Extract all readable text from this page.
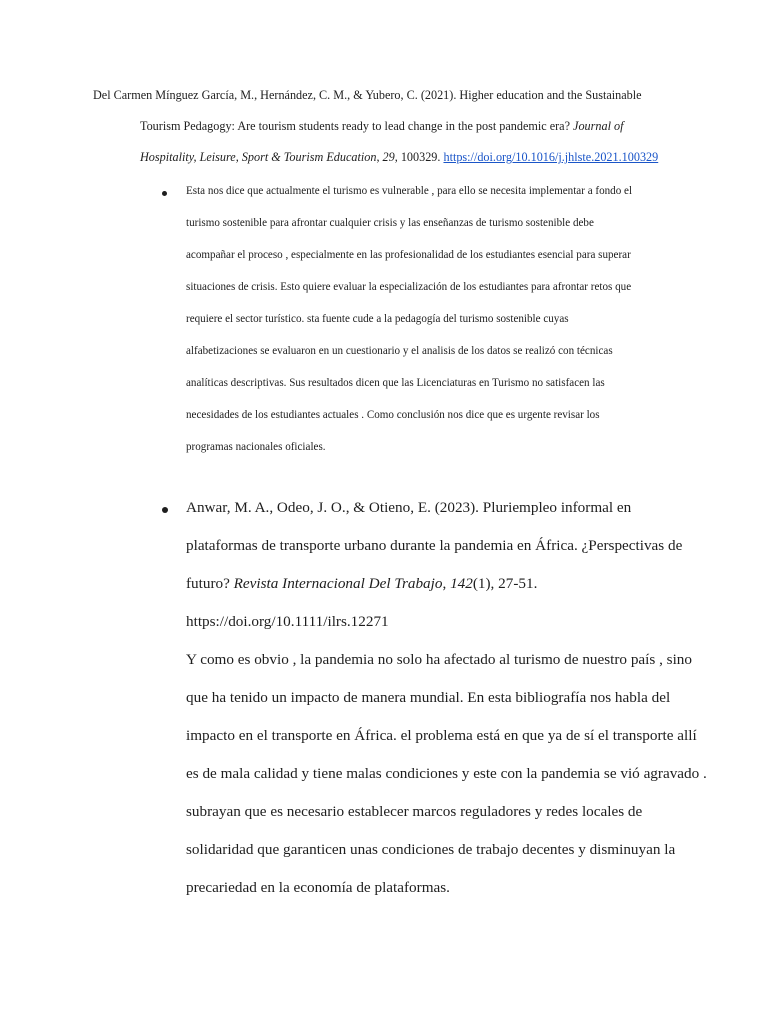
Del Carmen Mínguez García, M., Hernández, C. M., & Yubero, C. (2021). Higher education and the Sustainable
Tourism Pedagogy: Are tourism students ready to lead change in the post pandemic era? Journal of
Hospitality, Leisure, Sport & Tourism Education, 29, 100329. https://doi.org/10.1016/j.jhlste.2021.100329
Esta nos dice que actualmente el turismo es vulnerable , para ello se necesita implementar a fondo el
turismo sostenible para afrontar cualquier crisis y las enseñanzas de turismo sostenible debe
acompañar el proceso , especialmente en las profesionalidad de los estudiantes esencial para superar
situaciones de crisis. Esto quiere evaluar la especialización de los estudiantes para afrontar retos que
requiere el sector turístico. sta fuente cude a la pedagogía del turismo sostenible cuyas
alfabetizaciones se evaluaron en un cuestionario y el analisis de los datos se realizó con técnicas
analíticas descriptivas. Sus resultados dicen que las Licenciaturas en Turismo no satisfacen las
necesidades de los estudiantes actuales . Como conclusión nos dice que es urgente revisar los
programas nacionales oficiales.
Anwar, M. A., Odeo, J. O., & Otieno, E. (2023). Pluriempleo informal en
plataformas de transporte urbano durante la pandemia en África. ¿Perspectivas de
futuro? Revista Internacional Del Trabajo, 142(1), 27-51.
https://doi.org/10.1111/ilrs.12271
Y como es obvio , la pandemia no solo ha afectado al turismo de nuestro país , sino
que ha tenido un impacto de manera mundial. En esta bibliografía nos habla del
impacto en el transporte en África. el problema está en que ya de sí el transporte allí
es de mala calidad y tiene malas condiciones y este con la pandemia se vió agravado .
subrayan que es necesario establecer marcos reguladores y redes locales de
solidaridad que garanticen unas condiciones de trabajo decentes y disminuyan la
precariedad en la economía de plataformas.
